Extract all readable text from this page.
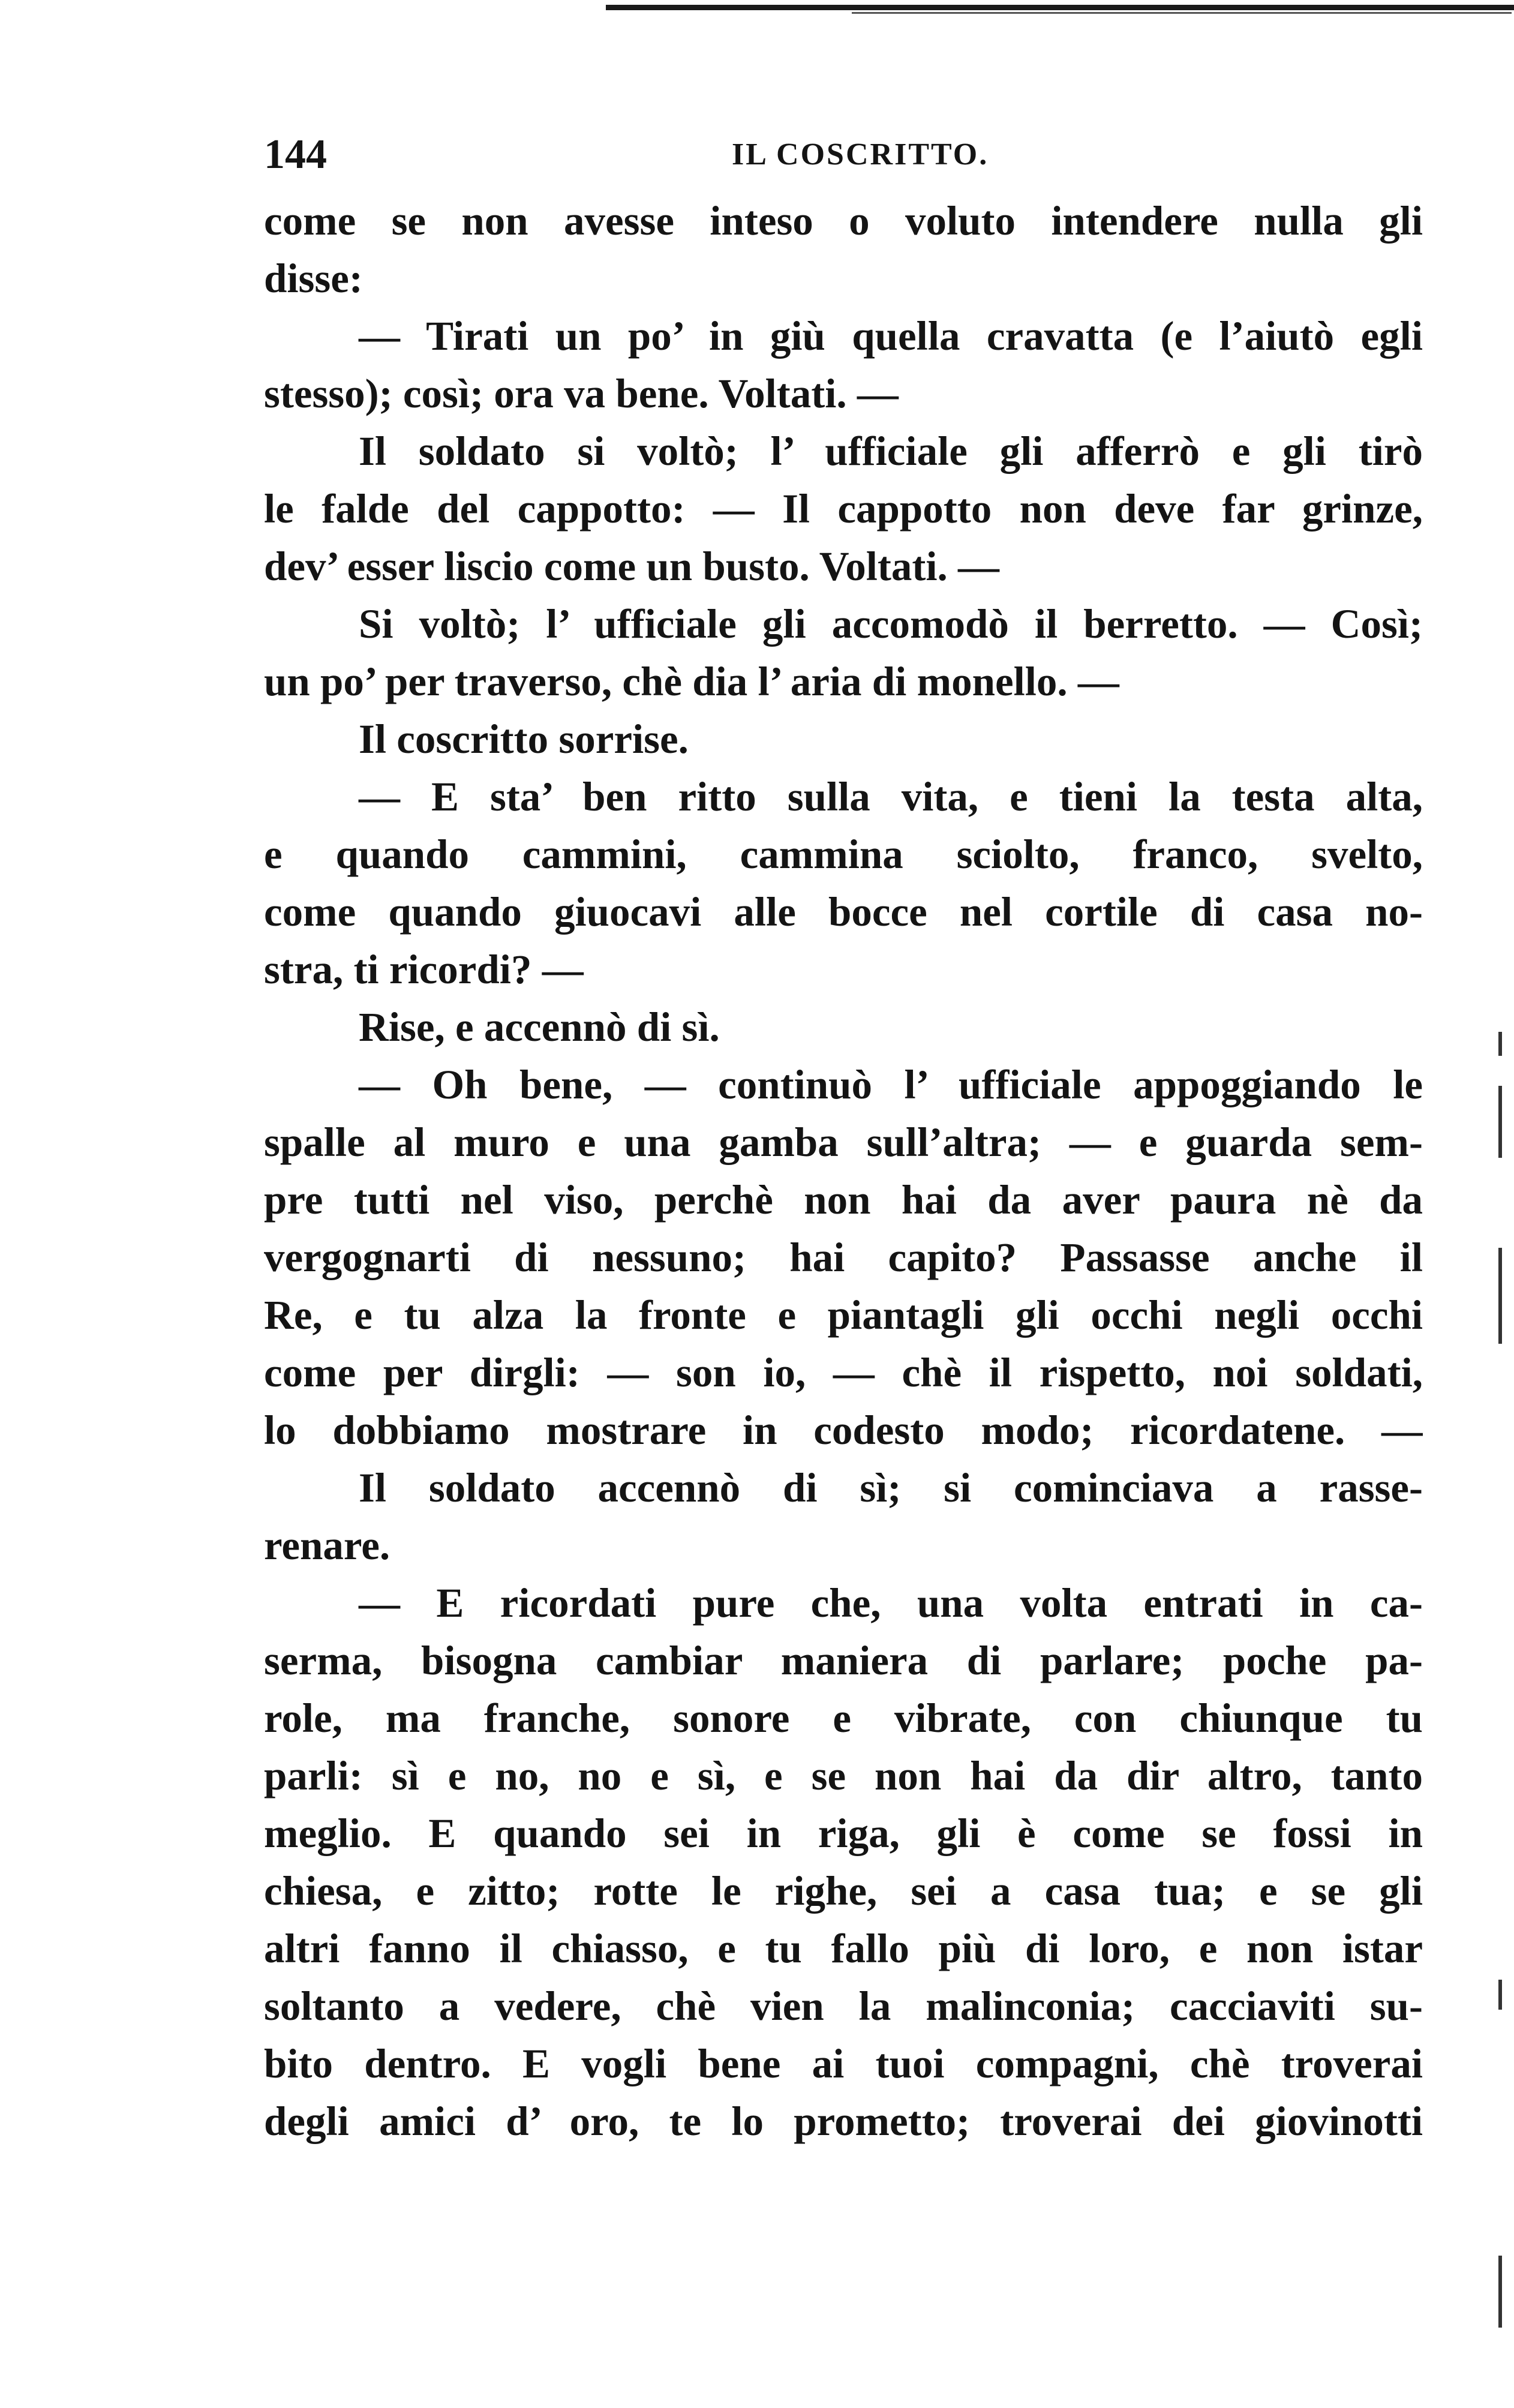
144	IL COSCRITTO.
come se non avesse inteso o voluto intendere nulla gli
disse:
— Tirati un po’ in giù quella cravatta (e l’aiutò egli
stesso); così; ora va bene. Voltati. —
Il soldato si voltò; l’ ufficiale gli afferrò e gli tirò
le falde del cappotto: — Il cappotto non deve far grinze,
dev’ esser liscio come un busto. Voltati. —
Si voltò; l’ ufficiale gli accomodò il berretto. — Così;
un po’ per traverso, chè dia l’ aria di monello. —
Il coscritto sorrise.
— E sta’ ben ritto sulla vita, e tieni la testa alta,
e quando cammini, cammina sciolto, franco, svelto,
come quando giuocavi alle bocce nel cortile di casa no-
stra, ti ricordi? —
Rise, e accennò di sì.
— Oh bene, — continuò l’ ufficiale appoggiando le
spalle al muro e una gamba sull’altra; — e guarda sem-
pre tutti nel viso, perchè non hai da aver paura nè da
vergognarti di nessuno; hai capito? Passasse anche il
Re, e tu alza la fronte e piantagli gli occhi negli occhi
come per dirgli: — son io, — chè il rispetto, noi soldati,
lo dobbiamo mostrare in codesto modo; ricordatene. —
Il soldato accennò di sì; si cominciava a rasse-
renare.
— E ricordati pure che, una volta entrati in ca-
serma, bisogna cambiar maniera di parlare; poche pa-
role, ma franche, sonore e vibrate, con chiunque tu
parli: sì e no, no e sì, e se non hai da dir altro, tanto
meglio. E quando sei in riga, gli è come se fossi in
chiesa, e zitto; rotte le righe, sei a casa tua; e se gli
altri fanno il chiasso, e tu fallo più di loro, e non istar
soltanto a vedere, chè vien la malinconia; cacciaviti su-
bito dentro. E vogli bene ai tuoi compagni, chè troverai
degli amici d’ oro, te lo prometto; troverai dei giovinotti
